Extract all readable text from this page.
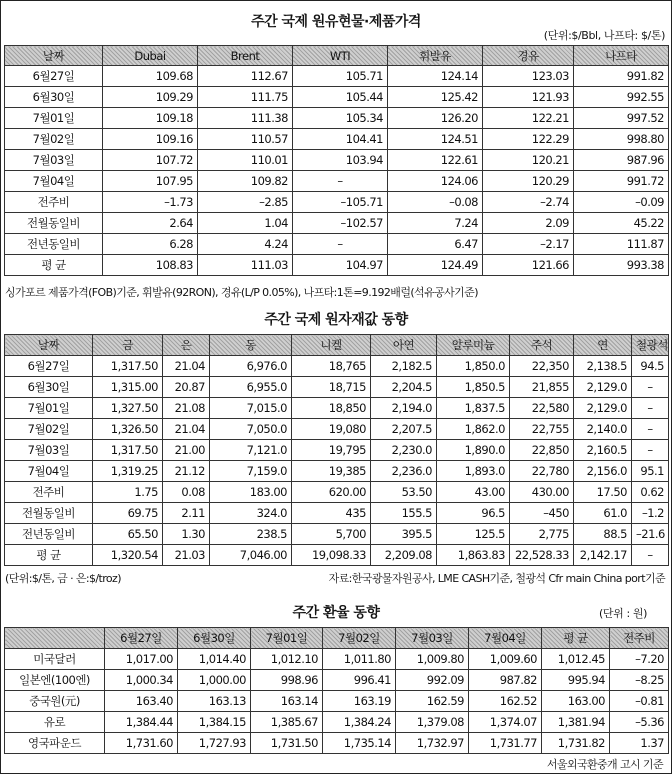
주간 국제 원유현물·제품가격
(단위:$/Bbl, 나프타: $/톤)
날짜	Dubai	Brent	WTI	휘발유	경유	나프타
6월27일	109.68	112.67	105.71	124.14	123.03	991.82
6월30일	109.29	111.75	105.44	125.42	121.93	992.55
7월01일	109.18	111.38	105.34	126.20	122.21	997.52
7월02일	109.16	110.57	104.41	124.51	122.29	998.80
7월03일	107.72	110.01	103.94	122.61	120.21	987.96
7월04일	107.95	109.82	–	124.06	120.29	991.72
전주비	–1.73	–2.85	–105.71	–0.08	–2.74	–0.09
전월동일비	2.64	1.04	–102.57	7.24	2.09	45.22
전년동일비	6.28	4.24	–	6.47	–2.17	111.87
평 균	108.83	111.03	104.97	124.49	121.66	993.38
싱가포르 제품가격(FOB)기준, 휘발유(92RON), 경유(L/P 0.05%), 나프타:1톤=9.192배럴(석유공사기준)
주간 국제 원자재값 동향
날짜	금	은	동	니켈	아연	알루미늄	주석	연	철광석
6월27일	1,317.50	21.04	6,976.0	18,765	2,182.5	1,850.0	22,350	2,138.5	94.5
6월30일	1,315.00	20.87	6,955.0	18,715	2,204.5	1,850.5	21,855	2,129.0	–
7월01일	1,327.50	21.08	7,015.0	18,850	2,194.0	1,837.5	22,580	2,129.0	–
7월02일	1,326.50	21.04	7,050.0	19,080	2,207.5	1,862.0	22,755	2,140.0	–
7월03일	1,317.50	21.00	7,121.0	19,795	2,230.0	1,890.0	22,850	2,160.5	–
7월04일	1,319.25	21.12	7,159.0	19,385	2,236.0	1,893.0	22,780	2,156.0	95.1
전주비	1.75	0.08	183.00	620.00	53.50	43.00	430.00	17.50	0.62
전월동일비	69.75	2.11	324.0	435	155.5	96.5	–450	61.0	–1.2
전년동일비	65.50	1.30	238.5	5,700	395.5	125.5	2,775	88.5	–21.6
평 균	1,320.54	21.03	7,046.00	19,098.33	2,209.08	1,863.83	22,528.33	2,142.17	–
(단위:$/톤, 금 · 은:$/troz)	자료:한국광물자원공사, LME CASH기준, 철광석 Cfr main China port기준
주간 환율 동향	(단위 : 원)
	6월27일	6월30일	7월01일	7월02일	7월03일	7월04일	평 균	전주비
미국달러	1,017.00	1,014.40	1,012.10	1,011.80	1,009.80	1,009.60	1,012.45	–7.20
일본엔(100엔)	1,000.34	1,000.00	998.96	996.41	992.09	987.82	995.94	–8.25
중국원(元)	163.40	163.13	163.14	163.19	162.59	162.52	163.00	–0.81
유로	1,384.44	1,384.15	1,385.67	1,384.24	1,379.08	1,374.07	1,381.94	–5.36
영국파운드	1,731.60	1,727.93	1,731.50	1,735.14	1,732.97	1,731.77	1,731.82	1.37
서울외국환중개 고시 기준
